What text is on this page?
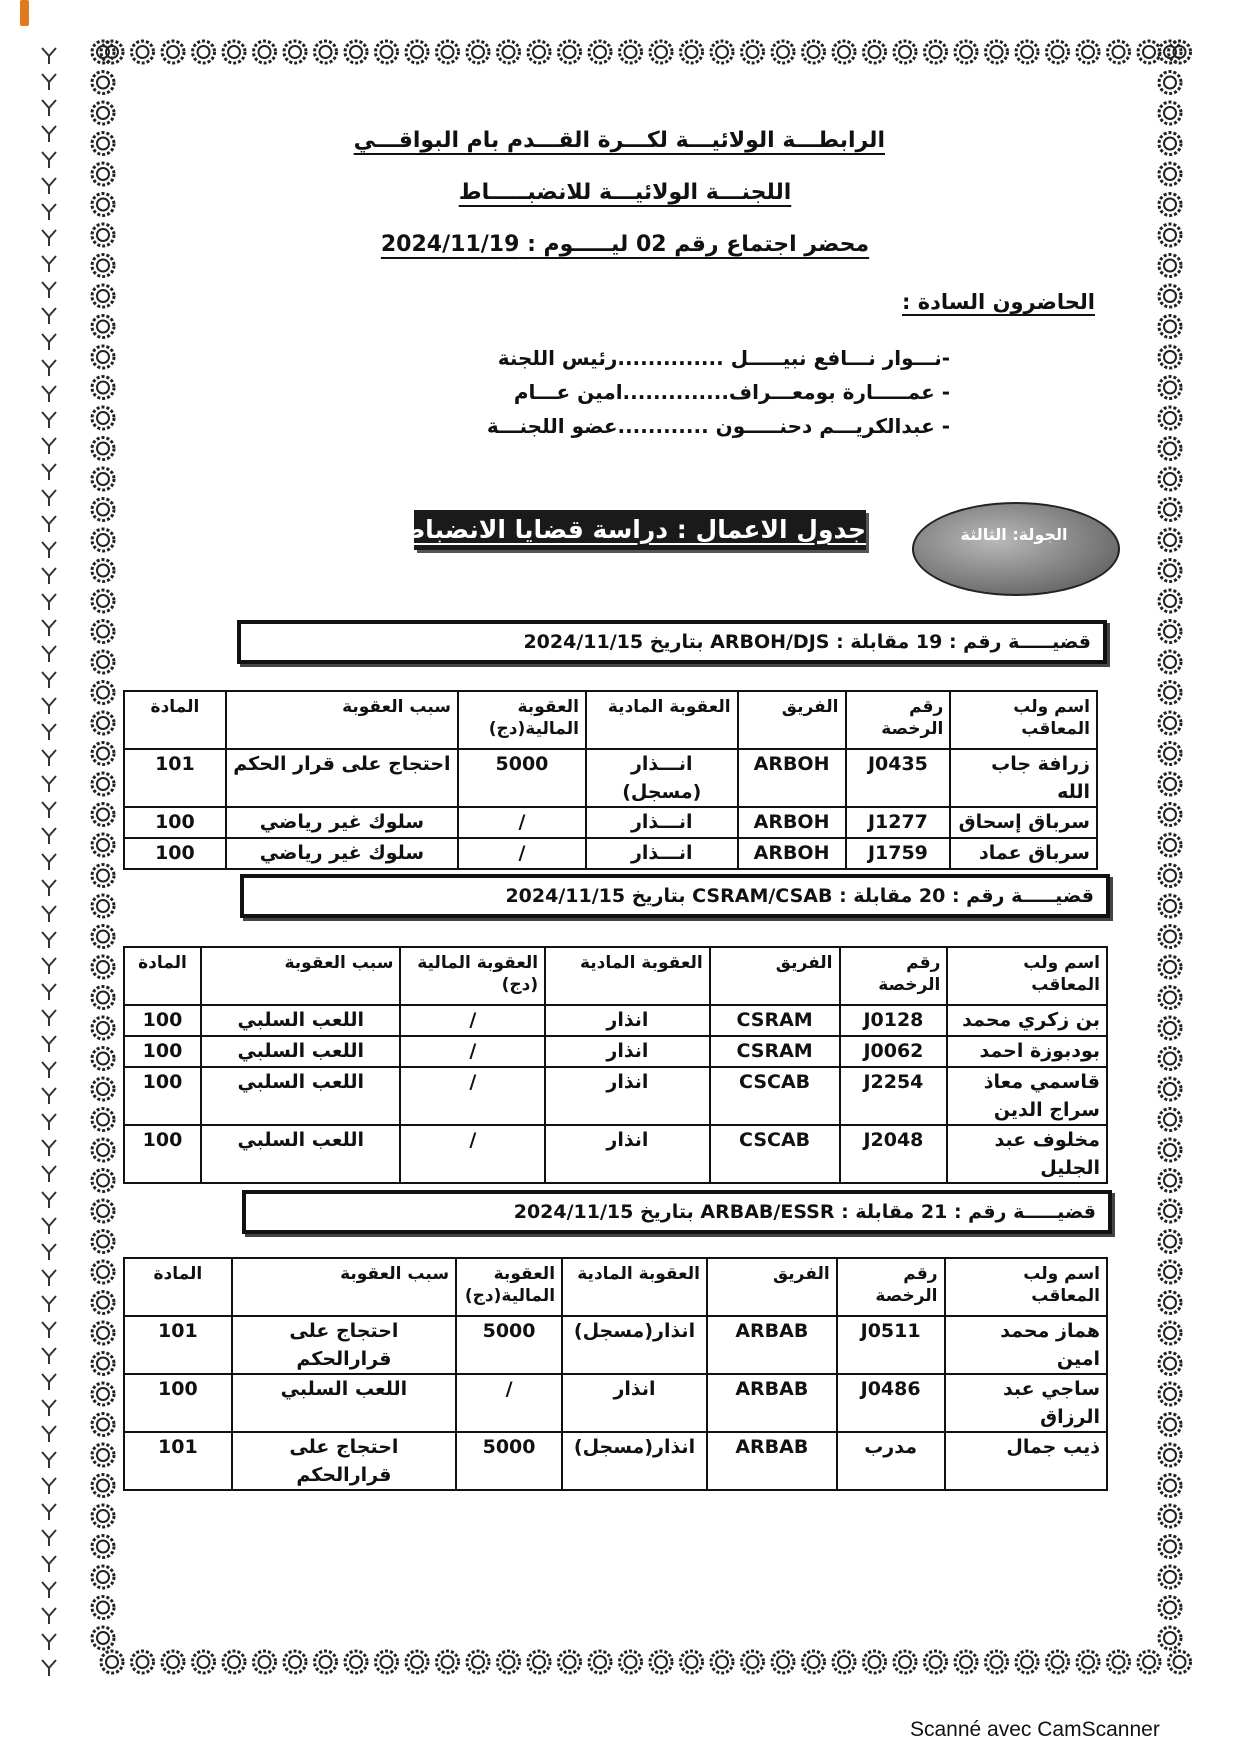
الرابطـــة الولائيـــة لكـــرة القـــدم بام البواقـــي
اللجنـــة الولائيـــة للانضبـــــاط
محضر اجتماع رقم 02 ليـــــوم : 2024/11/19
الحاضرون السادة :
-نـــوار نـــافع نبيـــــل ..............رئيس اللجنة
- عمـــــارة بومعـــراف..............امين عـــام
- عبدالكريـــم دحنـــــون ............عضو اللجنـــة
جدول الاعمال : دراسة قضايا الانضباط	الجولة: الثالثة
قضيـــــة رقم : 19 مقابلة : ARBOH/DJS بتاريخ 2024/11/15
اسم ولب المعاقب	رقم الرخصة	الفريق	العقوبة المادية	العقوبة المالية(دج)	سبب العقوبة	المادة
زرافة جاب الله	J0435	ARBOH	انـــذار (مسجل)	5000	احتجاج على قرار الحكم	101
سرباق إسحاق	J1277	ARBOH	انـــذار	/	سلوك غير رياضي	100
سرباق عماد	J1759	ARBOH	انـــذار	/	سلوك غير رياضي	100
قضيـــــة رقم : 20 مقابلة : CSRAM/CSAB بتاريخ 2024/11/15
اسم ولب المعاقب	رقم الرخصة	الفريق	العقوبة المادية	العقوبة المالية (دج)	سبب العقوبة	المادة
بن زكري محمد	J0128	CSRAM	انذار	/	اللعب السلبي	100
بودبوزة احمد	J0062	CSRAM	انذار	/	اللعب السلبي	100
قاسمي معاذ سراج الدين	J2254	CSCAB	انذار	/	اللعب السلبي	100
مخلوف عبد الجليل	J2048	CSCAB	انذار	/	اللعب السلبي	100
قضيـــــة رقم : 21 مقابلة : ARBAB/ESSR بتاريخ 2024/11/15
اسم ولب المعاقب	رقم الرخصة	الفريق	العقوبة المادية	العقوبة المالية(دج)	سبب العقوبة	المادة
هماز محمد امين	J0511	ARBAB	انذار(مسجل)	5000	احتجاج على قرارالحكم	101
ساجي عبد الرزاق	J0486	ARBAB	انذار	/	اللعب السلبي	100
ذيب جمال	مدرب	ARBAB	انذار(مسجل)	5000	احتجاج على قرارالحكم	101
Scanné avec CamScanner
